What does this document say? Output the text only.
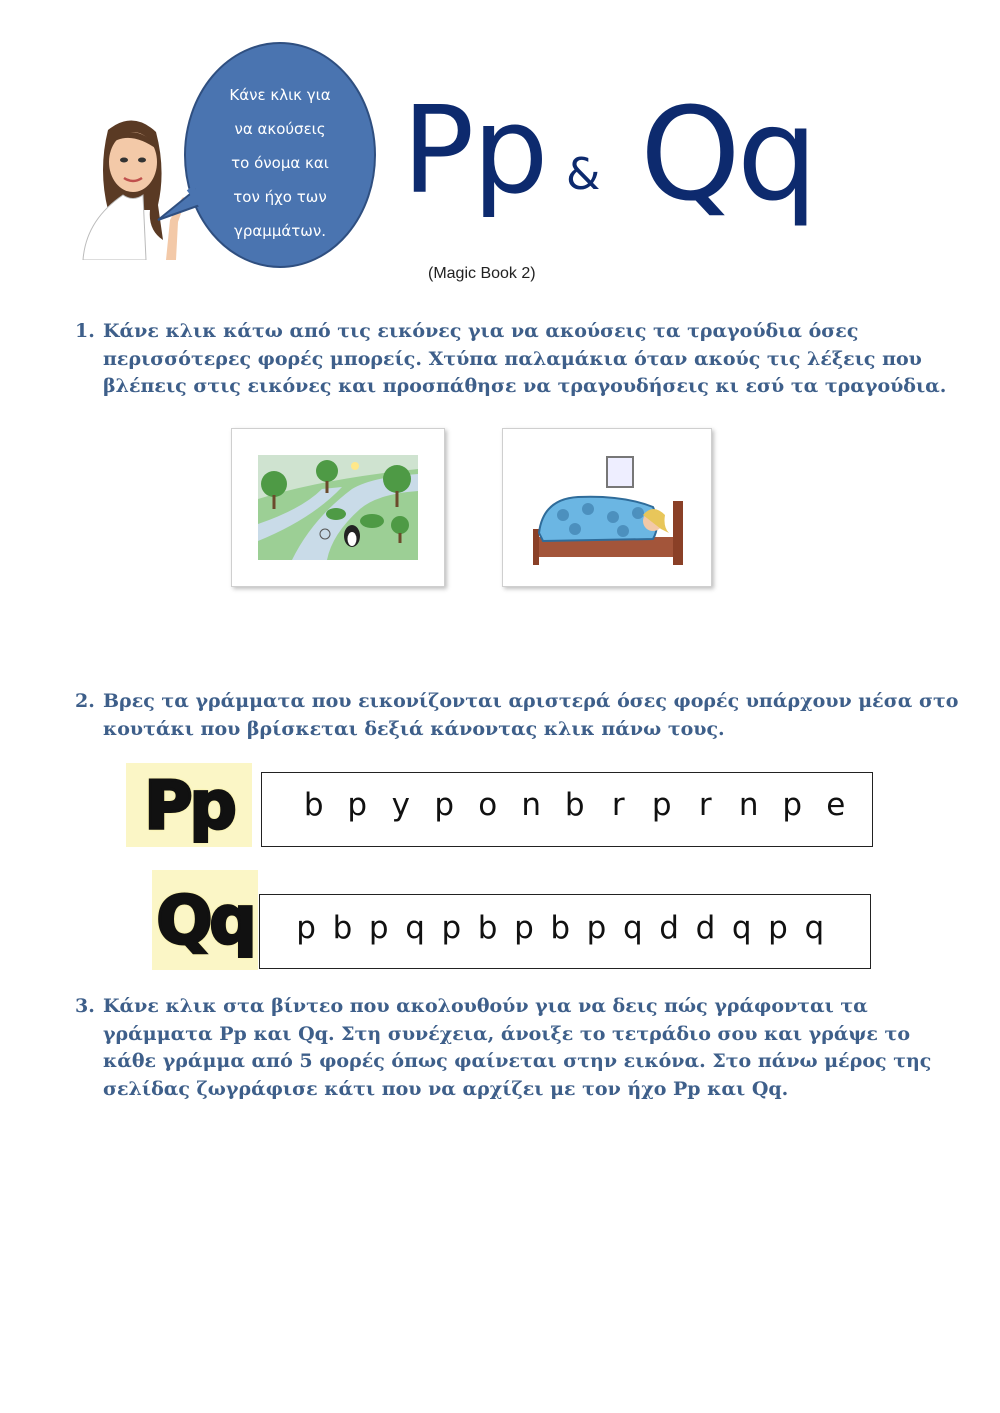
Κάνε κλικ για
να ακούσεις
το όνομα και
τον ήχο των
γραμμάτων.
Pp & Qq
(Magic Book 2)
1. Κάνε κλικ κάτω από τις εικόνες για να ακούσεις τα τραγούδια όσες περισσότερες φορές μπορείς. Χτύπα παλαμάκια όταν ακούς τις λέξεις που βλέπεις στις εικόνες και προσπάθησε να τραγουδήσεις κι εσύ τα τραγούδια.
2. Βρες τα γράμματα που εικονίζονται αριστερά όσες φορές υπάρχουν μέσα στο κουτάκι που βρίσκεται δεξιά κάνοντας κλικ πάνω τους.
Pp	b p y p o n b r p r n p e
Qq p b p q p b p b p q d d q p q
3. Κάνε κλικ στα βίντεο που ακολουθούν για να δεις πώς γράφονται τα γράμματα Pp και Qq. Στη συνέχεια, άνοιξε το τετράδιο σου και γράψε το κάθε γράμμα από 5 φορές όπως φαίνεται στην εικόνα. Στο πάνω μέρος της σελίδας ζωγράφισε κάτι που να αρχίζει με τον ήχο Pp και Qq.
